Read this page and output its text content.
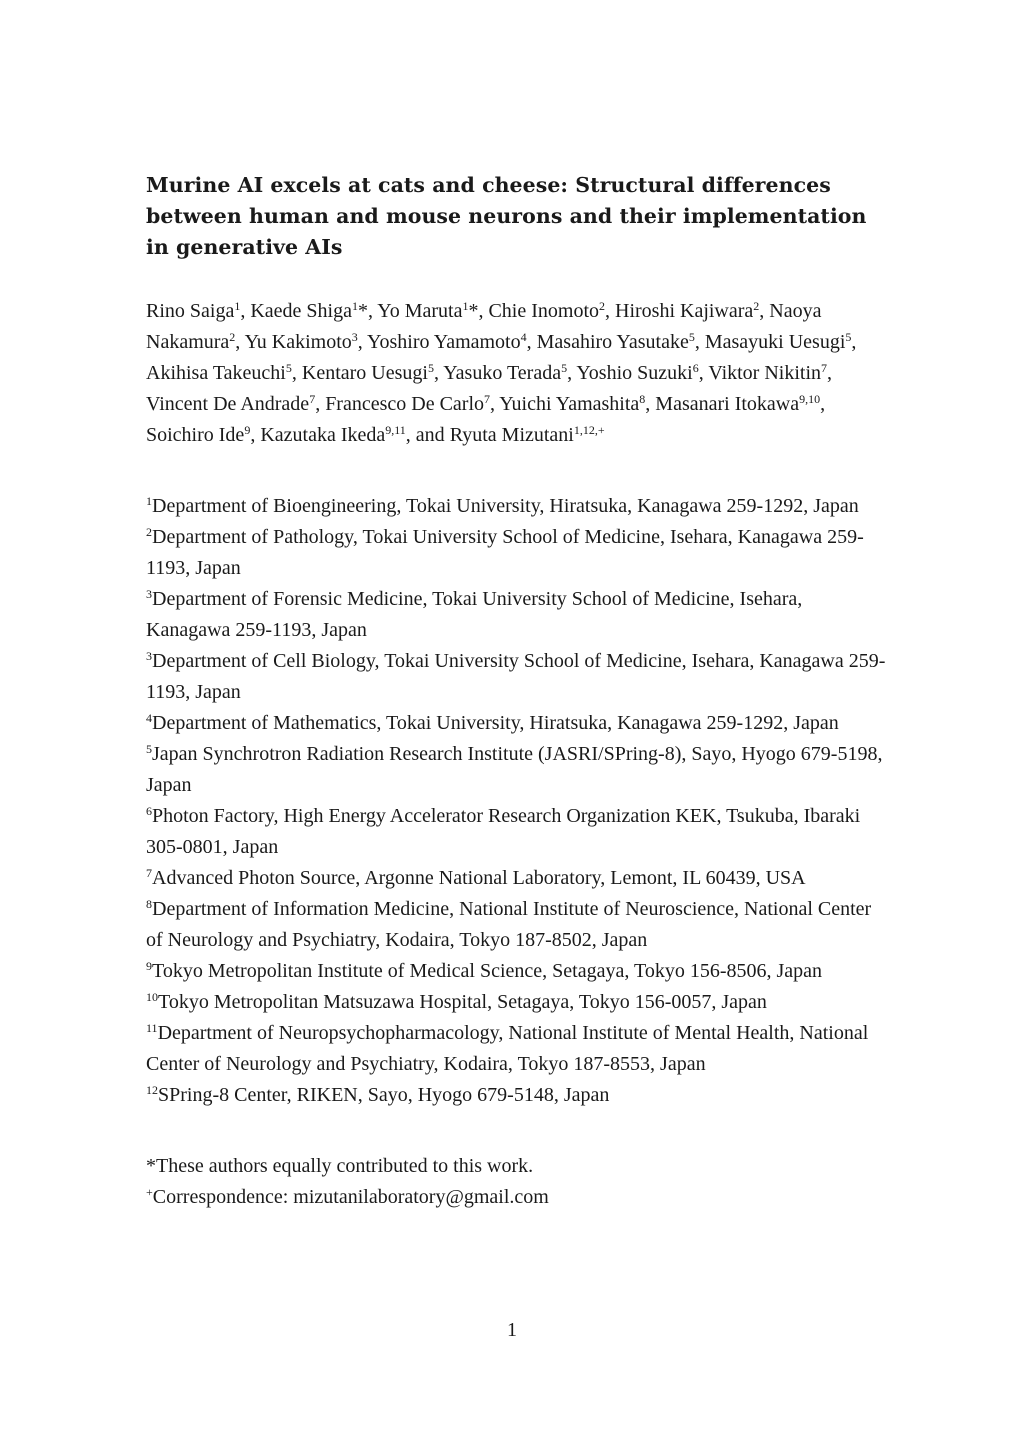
Murine AI excels at cats and cheese: Structural differences between human and mouse neurons and their implementation in generative AIs
Rino Saiga$^1$, Kaede Shiga$^1$*, Yo Maruta$^1$*, Chie Inomoto$^2$, Hiroshi Kajiwara$^2$, Naoya Nakamura$^2$, Yu Kakimoto$^3$, Yoshiro Yamamoto$^4$, Masahiro Yasutake$^5$, Masayuki Uesugi$^5$, Akihisa Takeuchi$^5$, Kentaro Uesugi$^5$, Yasuko Terada$^5$, Yoshio Suzuki$^6$, Viktor Nikitin$^7$, Vincent De Andrade$^7$, Francesco De Carlo$^7$, Yuichi Yamashita$^8$, Masanari Itokawa$^{9,10}$, Soichiro Ide$^9$, Kazutaka Ikeda$^{9,11}$, and Ryuta Mizutani$^{1,12,+}$

$^1$Department of Bioengineering, Tokai University, Hiratsuka, Kanagawa 259-1292, Japan

$^2$Department of Pathology, Tokai University School of Medicine, Isehara, Kanagawa 259-1193, Japan

$^3$Department of Forensic Medicine, Tokai University School of Medicine, Isehara, Kanagawa 259-1193, Japan

$^3$Department of Cell Biology, Tokai University School of Medicine, Isehara, Kanagawa 259-1193, Japan

$^4$Department of Mathematics, Tokai University, Hiratsuka, Kanagawa 259-1292, Japan

$^5$Japan Synchrotron Radiation Research Institute (JASRI/SPring-8), Sayo, Hyogo 679-5198, Japan

$^6$Photon Factory, High Energy Accelerator Research Organization KEK, Tsukuba, Ibaraki 305-0801, Japan

$^7$Advanced Photon Source, Argonne National Laboratory, Lemont, IL 60439, USA

$^8$Department of Information Medicine, National Institute of Neuroscience, National Center of Neurology and Psychiatry, Kodaira, Tokyo 187-8502, Japan

$^9$Tokyo Metropolitan Institute of Medical Science, Setagaya, Tokyo 156-8506, Japan

$^{10}$Tokyo Metropolitan Matsuzawa Hospital, Setagaya, Tokyo 156-0057, Japan

$^{11}$Department of Neuropsychopharmacology, National Institute of Mental Health, National Center of Neurology and Psychiatry, Kodaira, Tokyo 187-8553, Japan

$^{12}$SPring-8 Center, RIKEN, Sayo, Hyogo 679-5148, Japan

*These authors equally contributed to this work.
+Correspondence: mizutanilaboratory@gmail.com
1
